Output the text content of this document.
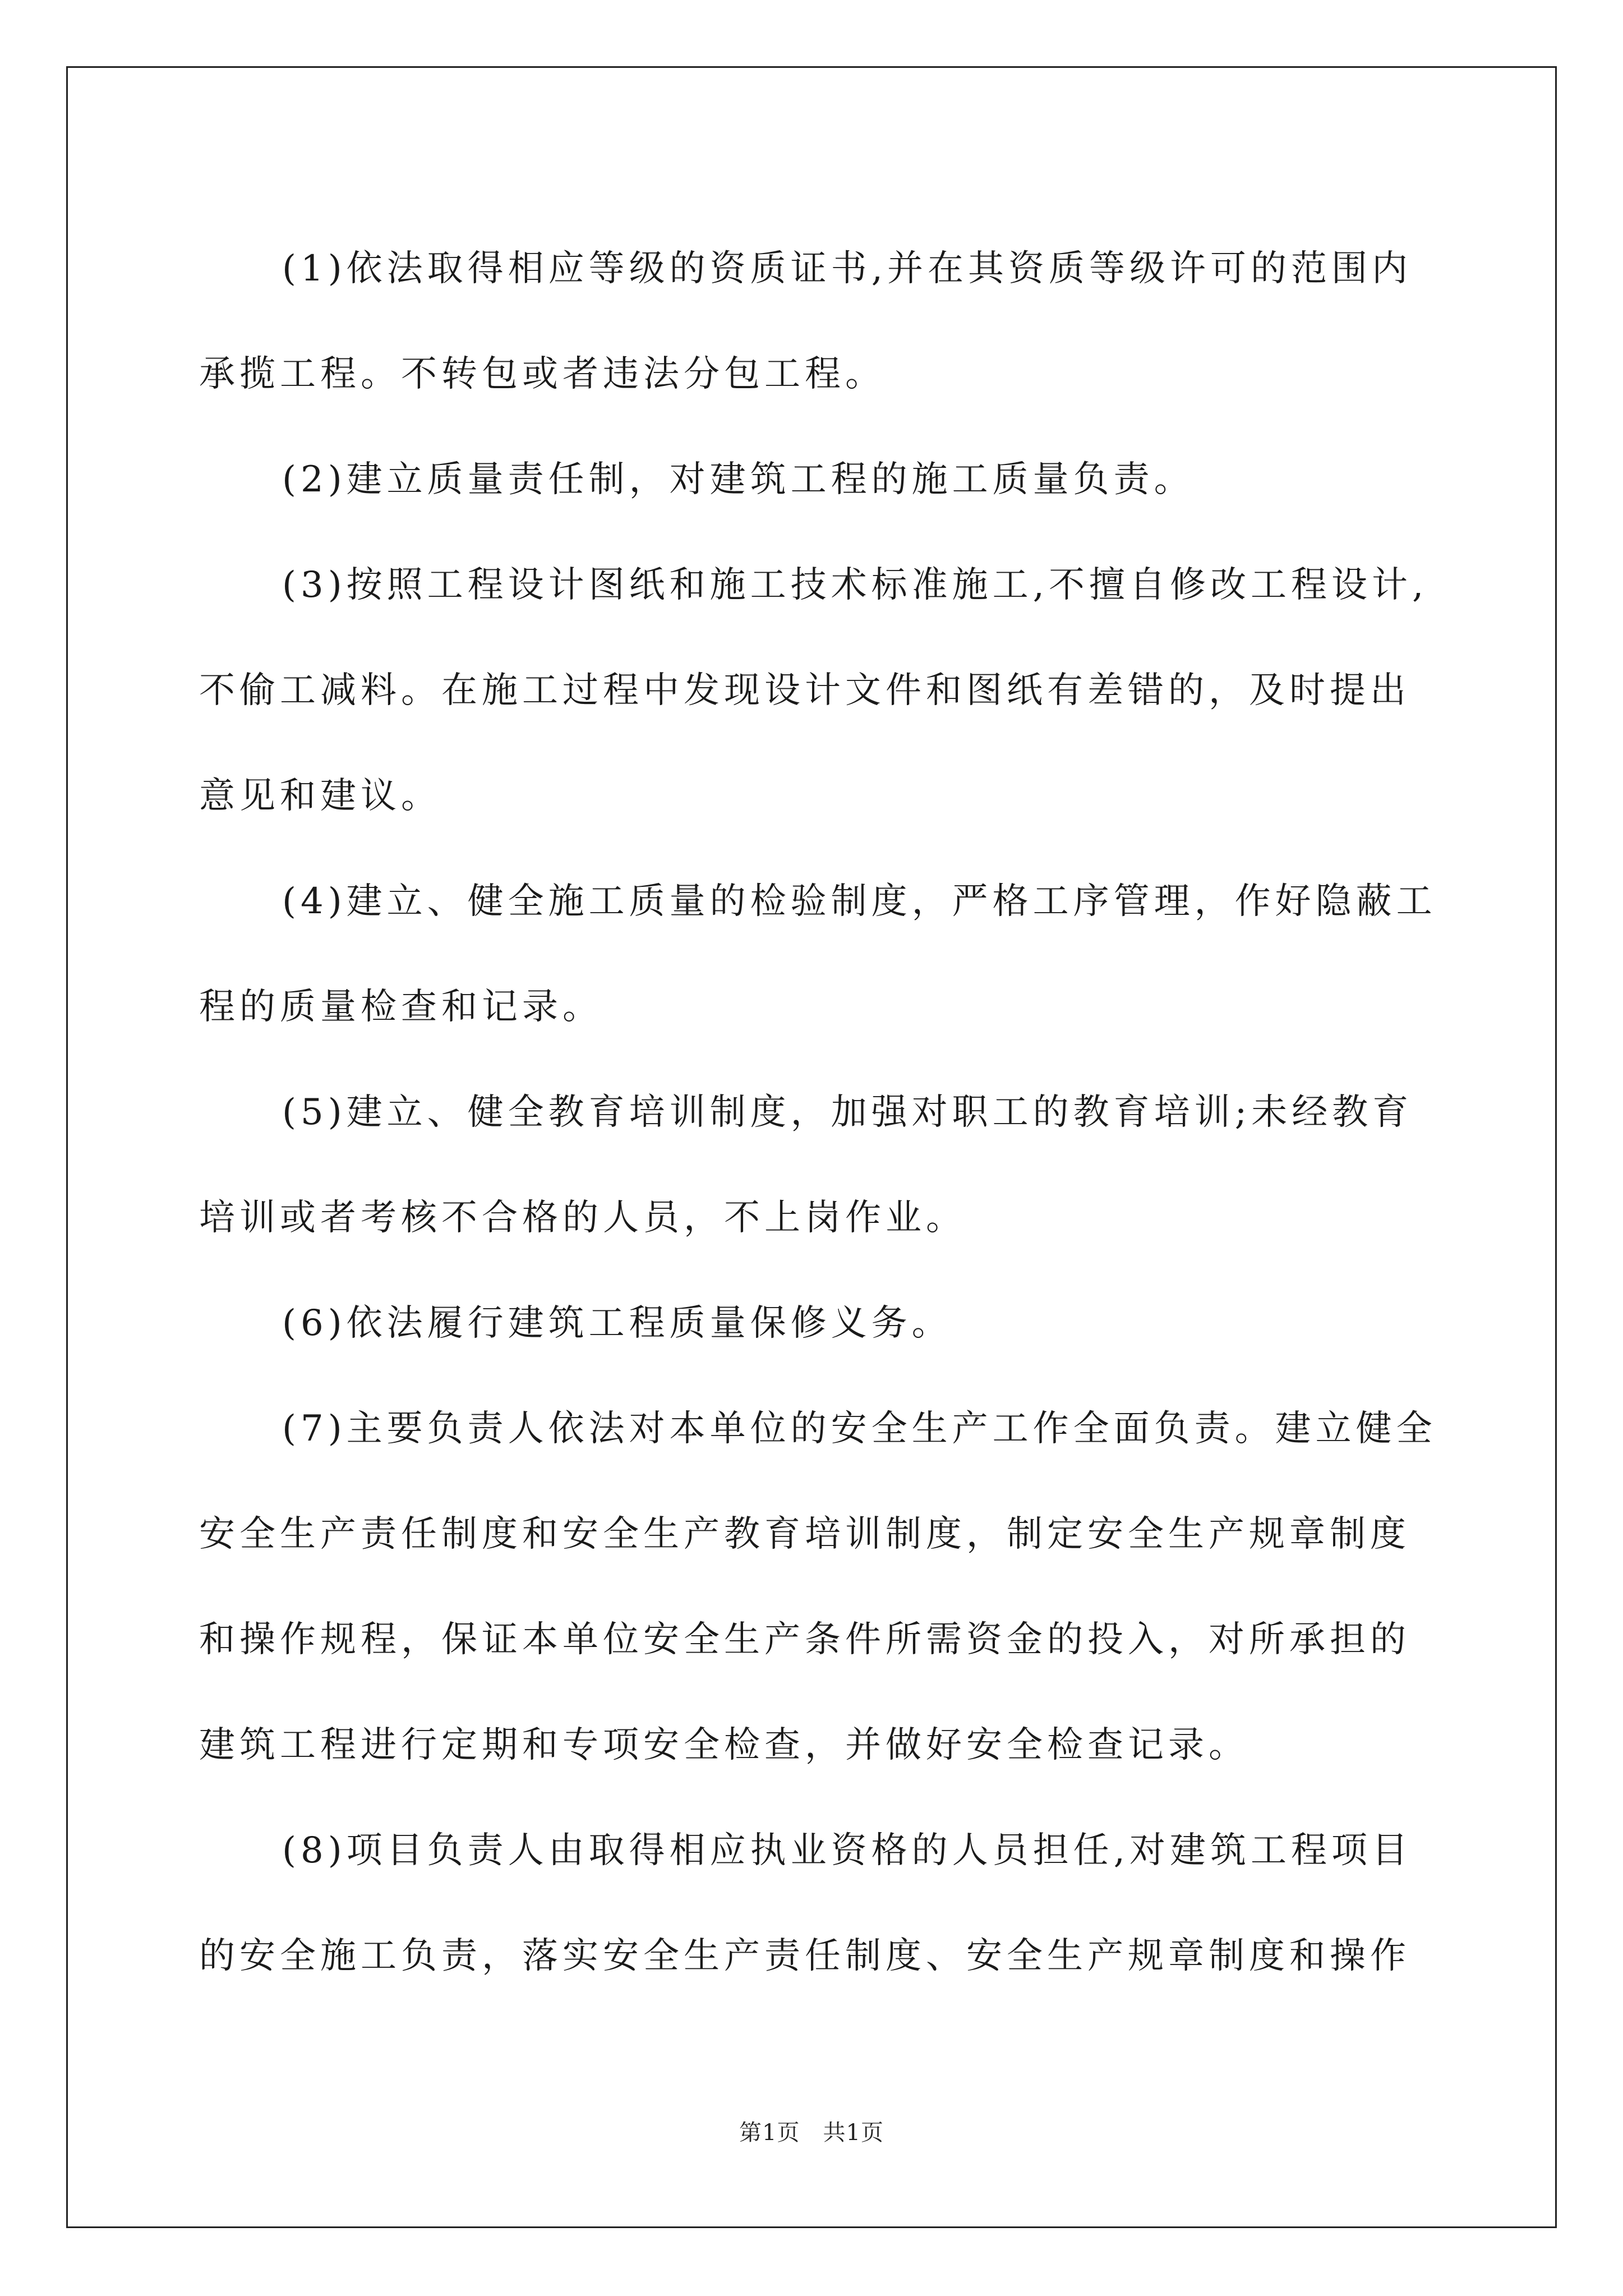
(1)依法取得相应等级的资质证书,并在其资质等级许可的范围内承揽工程。不转包或者违法分包工程。

(2)建立质量责任制，对建筑工程的施工质量负责。

(3)按照工程设计图纸和施工技术标准施工,不擅自修改工程设计,不偷工减料。在施工过程中发现设计文件和图纸有差错的，及时提出意见和建议。

(4)建立、健全施工质量的检验制度，严格工序管理，作好隐蔽工程的质量检查和记录。

(5)建立、健全教育培训制度，加强对职工的教育培训;未经教育培训或者考核不合格的人员，不上岗作业。

(6)依法履行建筑工程质量保修义务。

(7)主要负责人依法对本单位的安全生产工作全面负责。建立健全安全生产责任制度和安全生产教育培训制度，制定安全生产规章制度和操作规程，保证本单位安全生产条件所需资金的投入，对所承担的建筑工程进行定期和专项安全检查，并做好安全检查记录。

(8)项目负责人由取得相应执业资格的人员担任,对建筑工程项目的安全施工负责，落实安全生产责任制度、安全生产规章制度和操作

第1页　共1页
